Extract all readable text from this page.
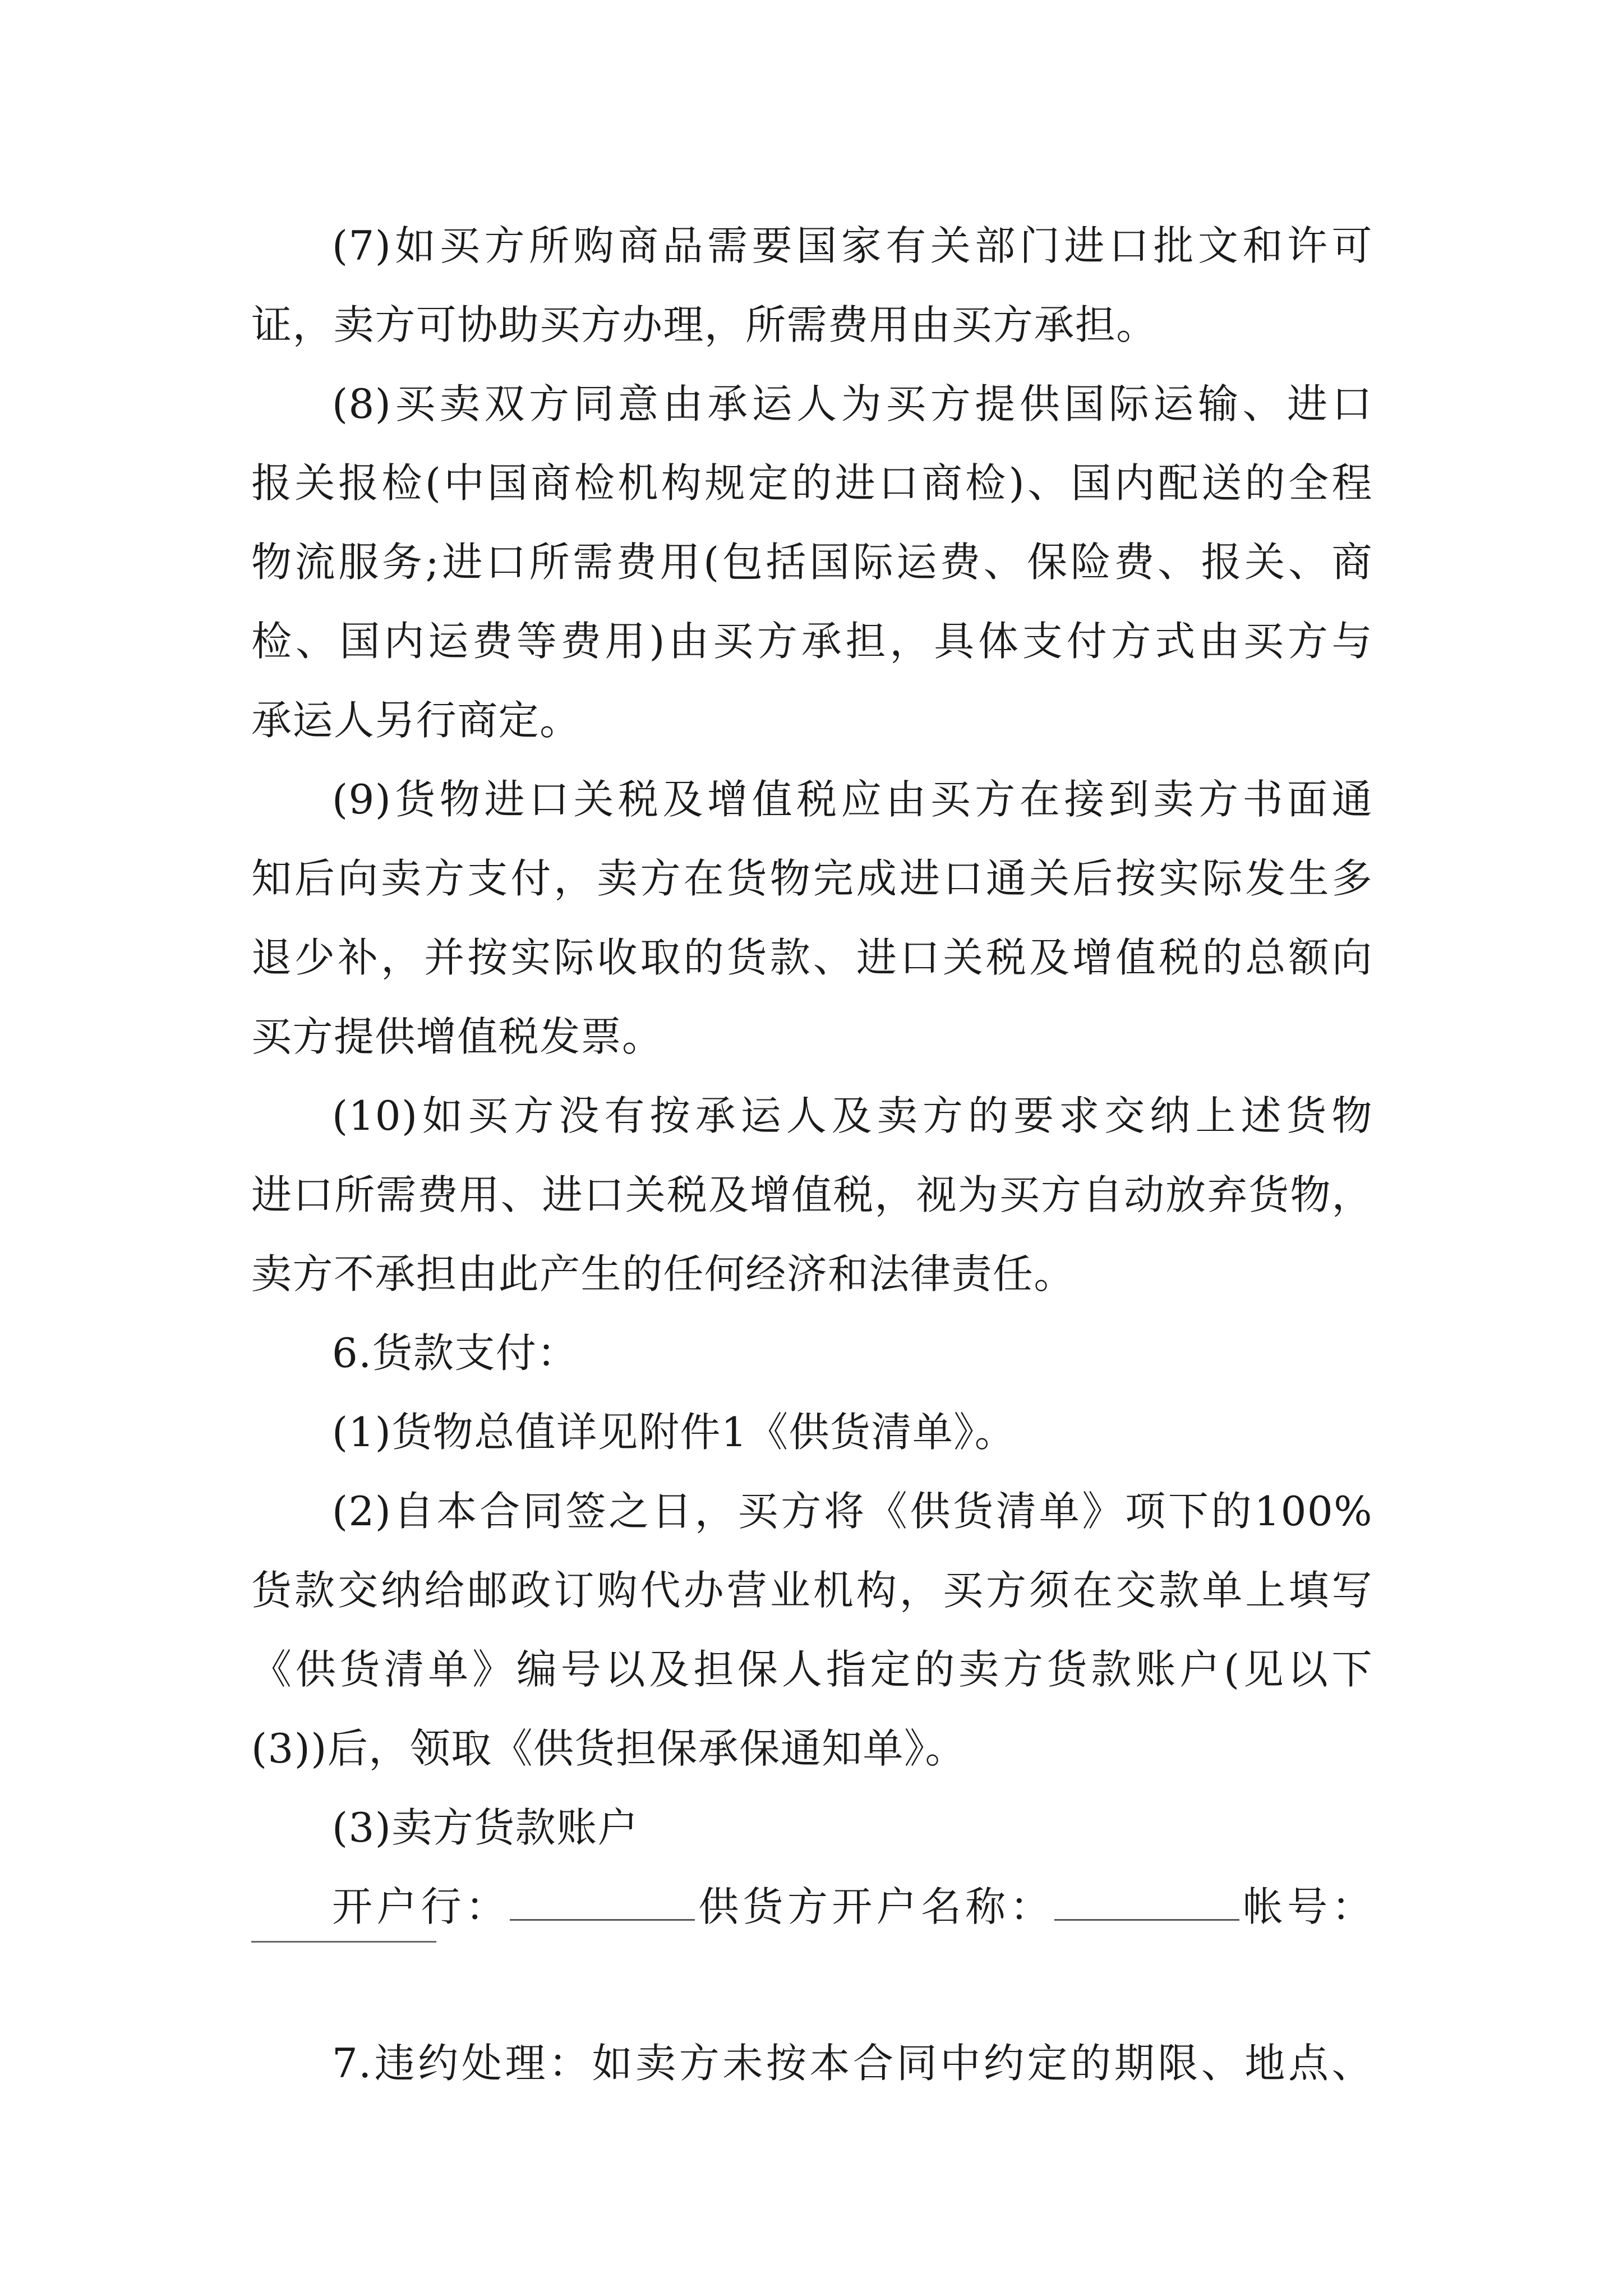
(7)如买方所购商品需要国家有关部门进口批文和许可
证，卖方可协助买方办理，所需费用由买方承担。
(8)买卖双方同意由承运人为买方提供国际运输、进口
报关报检(中国商检机构规定的进口商检)、国内配送的全程
物流服务;进口所需费用(包括国际运费、保险费、报关、商
检、国内运费等费用)由买方承担，具体支付方式由买方与
承运人另行商定。
(9)货物进口关税及增值税应由买方在接到卖方书面通
知后向卖方支付，卖方在货物完成进口通关后按实际发生多
退少补，并按实际收取的货款、进口关税及增值税的总额向
买方提供增值税发票。
(10)如买方没有按承运人及卖方的要求交纳上述货物
进口所需费用、进口关税及增值税，视为买方自动放弃货物，
卖方不承担由此产生的任何经济和法律责任。
6.货款支付：
(1)货物总值详见附件1《供货清单》。
(2)自本合同签之日，买方将《供货清单》项下的100%
货款交纳给邮政订购代办营业机构，买方须在交款单上填写
《供货清单》编号以及担保人指定的卖方货款账户(见以下
(3))后，领取《供货担保承保通知单》。
(3)卖方货款账户
开户行：	供货方开户名称：	帐号：
7.违约处理：如卖方未按本合同中约定的期限、地点、
